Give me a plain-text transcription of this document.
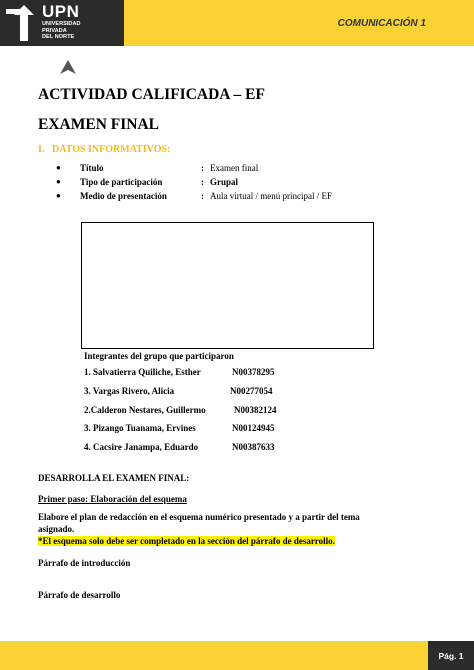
UPN
UNIVERSIDAD
PRIVADA
DEL NORTE
COMUNICACIÓN 1
ACTIVIDAD CALIFICADA – EF
EXAMEN FINAL
I. DATOS INFORMATIVOS:
● Título	: Examen final
● Tipo de participación	: Grupal
● Medio de presentación	: Aula virtual / menú principal / EF
Integrantes del grupo que participaron
1. Salvatierra Quiliche, Esther	N00378295
3. Vargas Rivero, Alicia	N00277054
2.Calderon Nestares, Guillermo	N00382124
3. Pizango Tuanama, Ervines	N00124945
4. Cacsire Janampa, Eduardo	N00387633
DESARROLLA EL EXAMEN FINAL:
Primer paso: Elaboración del esquema
Elabore el plan de redacción en el esquema numérico presentado y a partir del tema
asignado.
*El esquema solo debe ser completado en la sección del párrafo de desarrollo.
Párrafo de introducción
Párrafo de desarrollo
Pág. 1
